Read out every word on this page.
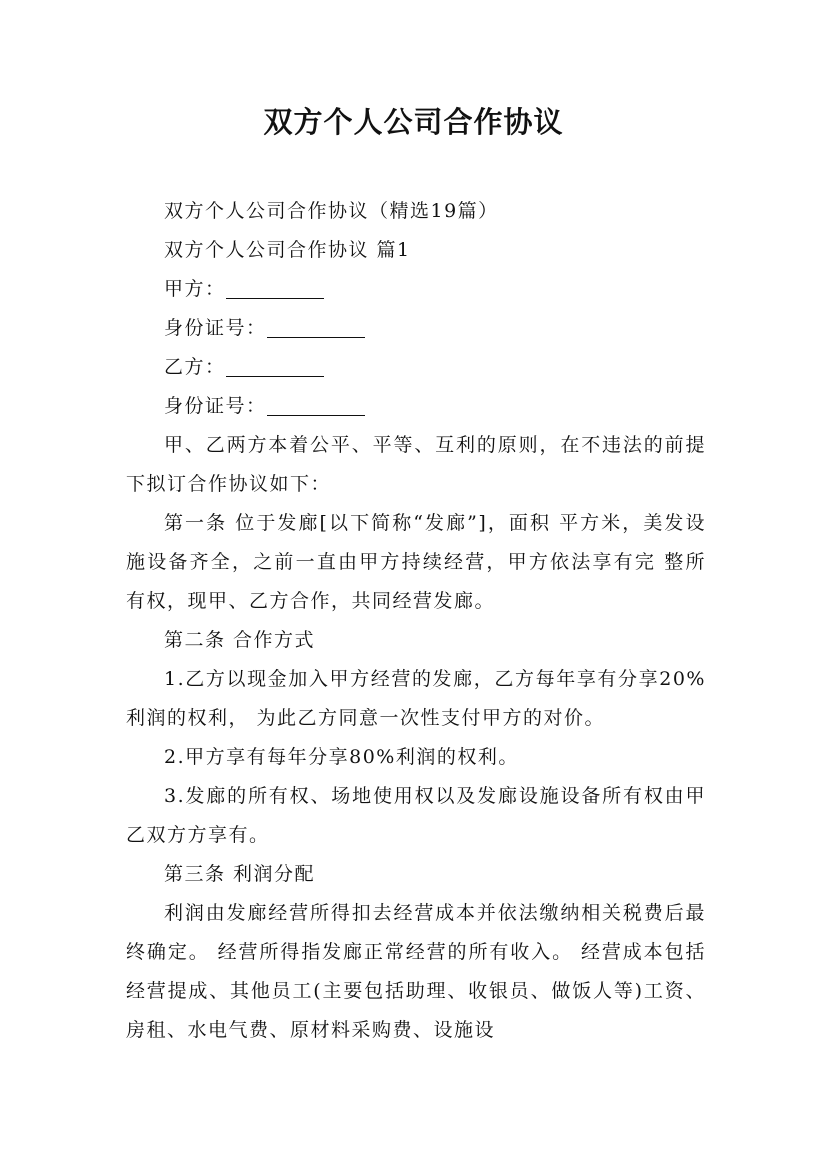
双方个人公司合作协议

双方个人公司合作协议（精选19篇）

双方个人公司合作协议 篇1

甲方：

身份证号：

乙方：

身份证号：

甲、乙两方本着公平、平等、互利的原则，在不违法的前提下拟订合作协议如下：

第一条 位于发廊[以下简称“发廊”]，面积 平方米，美发设施设备齐全，之前一直由甲方持续经营，甲方依法享有完 整所有权，现甲、乙方合作，共同经营发廊。

第二条 合作方式

1.乙方以现金加入甲方经营的发廊，乙方每年享有分享20% 利润的权利， 为此乙方同意一次性支付甲方的对价。

2.甲方享有每年分享80%利润的权利。

3.发廊的所有权、场地使用权以及发廊设施设备所有权由甲乙双方方享有。

第三条 利润分配

利润由发廊经营所得扣去经营成本并依法缴纳相关税费后最终确定。 经营所得指发廊正常经营的所有收入。 经营成本包括经营提成、其他员工(主要包括助理、收银员、做饭人等)工资、房租、水电气费、原材料采购费、设施设
